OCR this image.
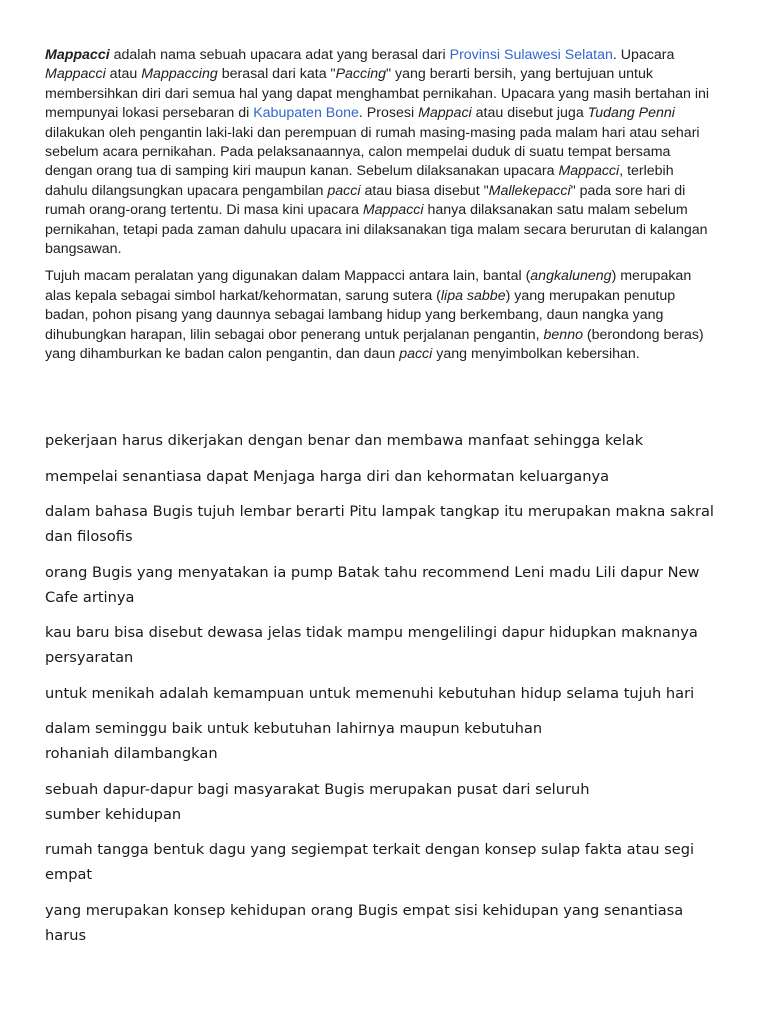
Mappacci adalah nama sebuah upacara adat yang berasal dari Provinsi Sulawesi Selatan. Upacara Mappacci atau Mappaccing berasal dari kata "Paccing" yang berarti bersih, yang bertujuan untuk membersihkan diri dari semua hal yang dapat menghambat pernikahan. Upacara yang masih bertahan ini mempunyai lokasi persebaran di Kabupaten Bone. Prosesi Mappaci atau disebut juga Tudang Penni dilakukan oleh pengantin laki-laki dan perempuan di rumah masing-masing pada malam hari atau sehari sebelum acara pernikahan. Pada pelaksanaannya, calon mempelai duduk di suatu tempat bersama dengan orang tua di samping kiri maupun kanan. Sebelum dilaksanakan upacara Mappacci, terlebih dahulu dilangsungkan upacara pengambilan pacci atau biasa disebut "Mallekepacci" pada sore hari di rumah orang-orang tertentu. Di masa kini upacara Mappacci hanya dilaksanakan satu malam sebelum pernikahan, tetapi pada zaman dahulu upacara ini dilaksanakan tiga malam secara berurutan di kalangan bangsawan.

Tujuh macam peralatan yang digunakan dalam Mappacci antara lain, bantal (angkaluneng) merupakan alas kepala sebagai simbol harkat/kehormatan, sarung sutera (lipa sabbe) yang merupakan penutup badan, pohon pisang yang daunnya sebagai lambang hidup yang berkembang, daun nangka yang dihubungkan harapan, lilin sebagai obor penerang untuk perjalanan pengantin, benno (berondong beras) yang dihamburkan ke badan calon pengantin, dan daun pacci yang menyimbolkan kebersihan.

pekerjaan harus dikerjakan dengan benar dan membawa manfaat sehingga kelak

mempelai senantiasa dapat Menjaga harga diri dan kehormatan keluarganya

dalam bahasa Bugis tujuh lembar berarti Pitu lampak tangkap itu merupakan makna sakral
dan filosofis

orang Bugis yang menyatakan ia pump Batak tahu recommend Leni madu Lili dapur New
Cafe artinya

kau baru bisa disebut dewasa jelas tidak mampu mengelilingi dapur hidupkan maknanya
persyaratan

untuk menikah adalah kemampuan untuk memenuhi kebutuhan hidup selama tujuh hari

dalam seminggu baik untuk kebutuhan lahirnya maupun kebutuhan
rohaniah dilambangkan

sebuah dapur-dapur bagi masyarakat Bugis merupakan pusat dari seluruh
sumber kehidupan

rumah tangga bentuk dagu yang segiempat terkait dengan konsep sulap fakta atau segi
empat

yang merupakan konsep kehidupan orang Bugis empat sisi kehidupan yang senantiasa
harus
